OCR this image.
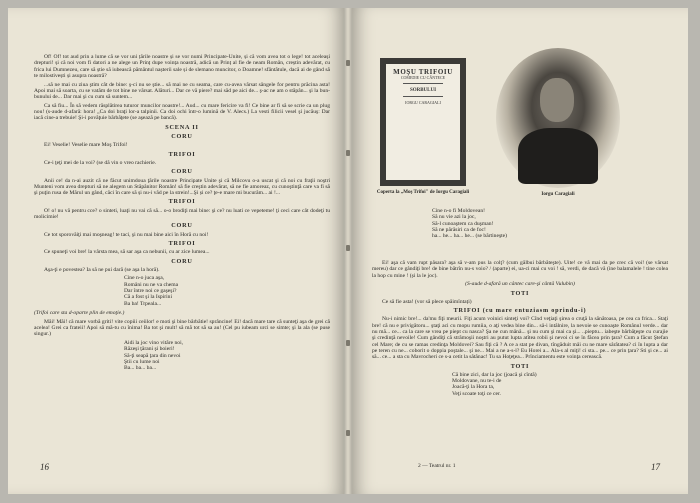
Of! Of! tot aud prin a lume că se vor uni țările noastre și se vor numi Principate-Unite, și că vom avea tot o lege! tot aceleași drepturi! și că noi vom fi datori a ne alege un Prinț dupe voința noastră, adică un Prinț al fie de neam Român, creștin adevărat, cu frica lui Dumnezeu, care să știe să iubească pământul nașterii sale și de slemano muncitor, o Doamne! sfântătule, dacă ai de gând să te milostivești și asupra noastră?

...să ne mai cu ziua ştim cât de bine: ş-ci nu se ştie... să mai ne cu seama, care cu-avea vărsat sângele for pentru prăcina asta! Apoi mai să soarta, cu se vatăm de tot bine ne vărsat. Alături... Dar ce vă piere? mai săd pe aici de... ş-ac ne am o stăpân... şi la bun-bunului de... Dar mai şi cu cum să suntem...

Ca să fiu... În să vedem răsplătirea tuturor muncilor noastre!... Aud... cu mare fericire va fi! Ce bine ar fi să se scrie ca un plug nou! (s-aude d-afară: hora! „Ca doi braţi lor-a talpinii. Ca doi ochi într-o lumină de V. Alecs.) La vesti filicii vesel şi jucăuş: Dar iacă cine-a trebuie! Şi-i povăţuie bărbăţete (se aşează pe bancă).

SCENA II
CORU

Ei! Veselie! Veselie mare Moş Trifoi!

TRIFOI

Ce-i ţeţi mei de la voi? (se dă vin o vreo rachierie.

CORU

Anii ce! da n-ai auzit că ne făcut unimdoua ţările noastre Principate Unite şi că Milcovu o-a uscat şi că noi cu fraţii noştri Munteni vom avea drepturi să ne alegem un Stăpânitor Român! să fie creştin adevărat, să ne fie amoreaz, cu cunoştinţă care va fi să şi puţin rusa de Mărul un gând, căci în care să și nu-i văd pe la strein!...Şi și ce? ţe-e mare mi bucurăm... ai !...

TRIFOI

O! o! nu vă pentru cce? o sinteti, luaţi nu vai că să... o-o brodiţi mai bine: şi ce? nu luati ce vepeteme! ţi ceci care cât dodeţi tu molicimie!

CORU

Ce tot sporovăiţi mai moşneag! te taci, şi nu mai bine aici în Horă cu noi!

TRIFOI

Ce spuneţi voi bre! la vârsta mea, să sar aşa ca nebunii, cu ar zice lumea...

CORU

Aşa-ţi e povestea? Ia să ne pui dară (se aşa la horă).

Cine n-o juca aşa,
Români nu ne va chema
Dar între noi ce gaşeşi?
Că a fost şi la Ispirini
Ba ba! Trpeala...

(Trifoi care sta d-oparte plin de emoţie.)

Măi! Măi! că mare vorbă griti! vite copiii ceiilor! e moti şi bine bărbătie! sprâncine! Ei! dacă mare tare că sunteţi aşa de grei că acelea! Grei ca frateii! Apoi să mă-tu cu înima! Ba tot şi mult! să mă tot să sa au! (Cel pu iubeam urci se simte; şi la ala (se puse singur.)

Aidi la joc vino vităre noi,
Răzeşi ţărani şi boieri!
Să-ţi seapă ţara din nevoi
Ştii cu lume noi
Ba... ba... ba...
16
MOŞU TRIFOIU
COMEDIE CU CÂNTECE
SORBULUI
IORGU CARAGIALI
Coperta la „Moş Trifoi" de Iorgu Caragiali	Iorgu Caragiali
Cine n-o fi Moldovean!
Să nu vie azi la joc,
Să-l cunoaştem ca duşman!
Să ne părăsiri ca de foc!
ha... he... ha... he... (se bărtineşte)

Ei! aşa că vam rupt pâsara? aşa să v-am pus la colţ? (cum gălbui bărbăteşte). Uite! ce vă mai da pe crec că voi! (se vărsat mereu) dar ce gândiţi bre! de bine bătrîn nu-s voio? / (aparte) ei, ua-ci mai cu voi ! să, verdi, de dacă vă (ine balamalele ! tine colea la hop cu mine ! (și la le joc).

(S-aude d-afară un cântec care-şi cântă Vulubin)

TOTI

Ce să fie asta! (vor să plece spăimîntați)

TRIFOI (cu mare entuziasm oprindu-i)

Nu-i nimic bre!... da'mu fiţi meurii. Fiţi acum voinici sinteţi voi? Cînd veţiaţi şirea o cruţă la sănătoasa, pe cea ca frica... Staţi bre! că nu e privigătoru... ştaţi aci cu mopu rumiia, o aţi vedea bine din... sâ-i intâlnire, la nevoie se cunoaşte Românul verde... dar nu mă... ce... ca la care se vrea pe piept cu nasca? Şa ne cun mânâ... şi nu cum şi mai ca şi... ..pieptu... iabeşte bărbăţeşte cu curajie şi credinţă nevoile! Cum gândiţi că strămoşii noştri au putut lupta atîtea robii şi nevoi ci se în făcea prin ţara? Cum a făcut Ştefan cel Mare; de cu se ramas credinţa Moldovei? Sau fiţi că ? A ce a stat pe divan, tîngăduit mâi cu ne mare sârătatea? ci în lupta a dar pe teren cu ne... coborit o doppia poştale... şi ne... Mai a ne a-s-l? Eu Horei a... Ala-s al miţi! ci sta... pe... ce prin ţara? Sti şi ce... ai să... ce... a sta cu Mavrocheri ce s-a cetit la sătănac! Tu sa Hoţeţea... Prînciamentu este voinţa cerească.

TOTI
Că bine zici, dar la joc (joacă şi cîntă)
Moldovane, nu te-i de
Joacă-ţi la Hora ta,
Veţi scoate toţi ce cer.
2 — Teatrul nr. 1	17
